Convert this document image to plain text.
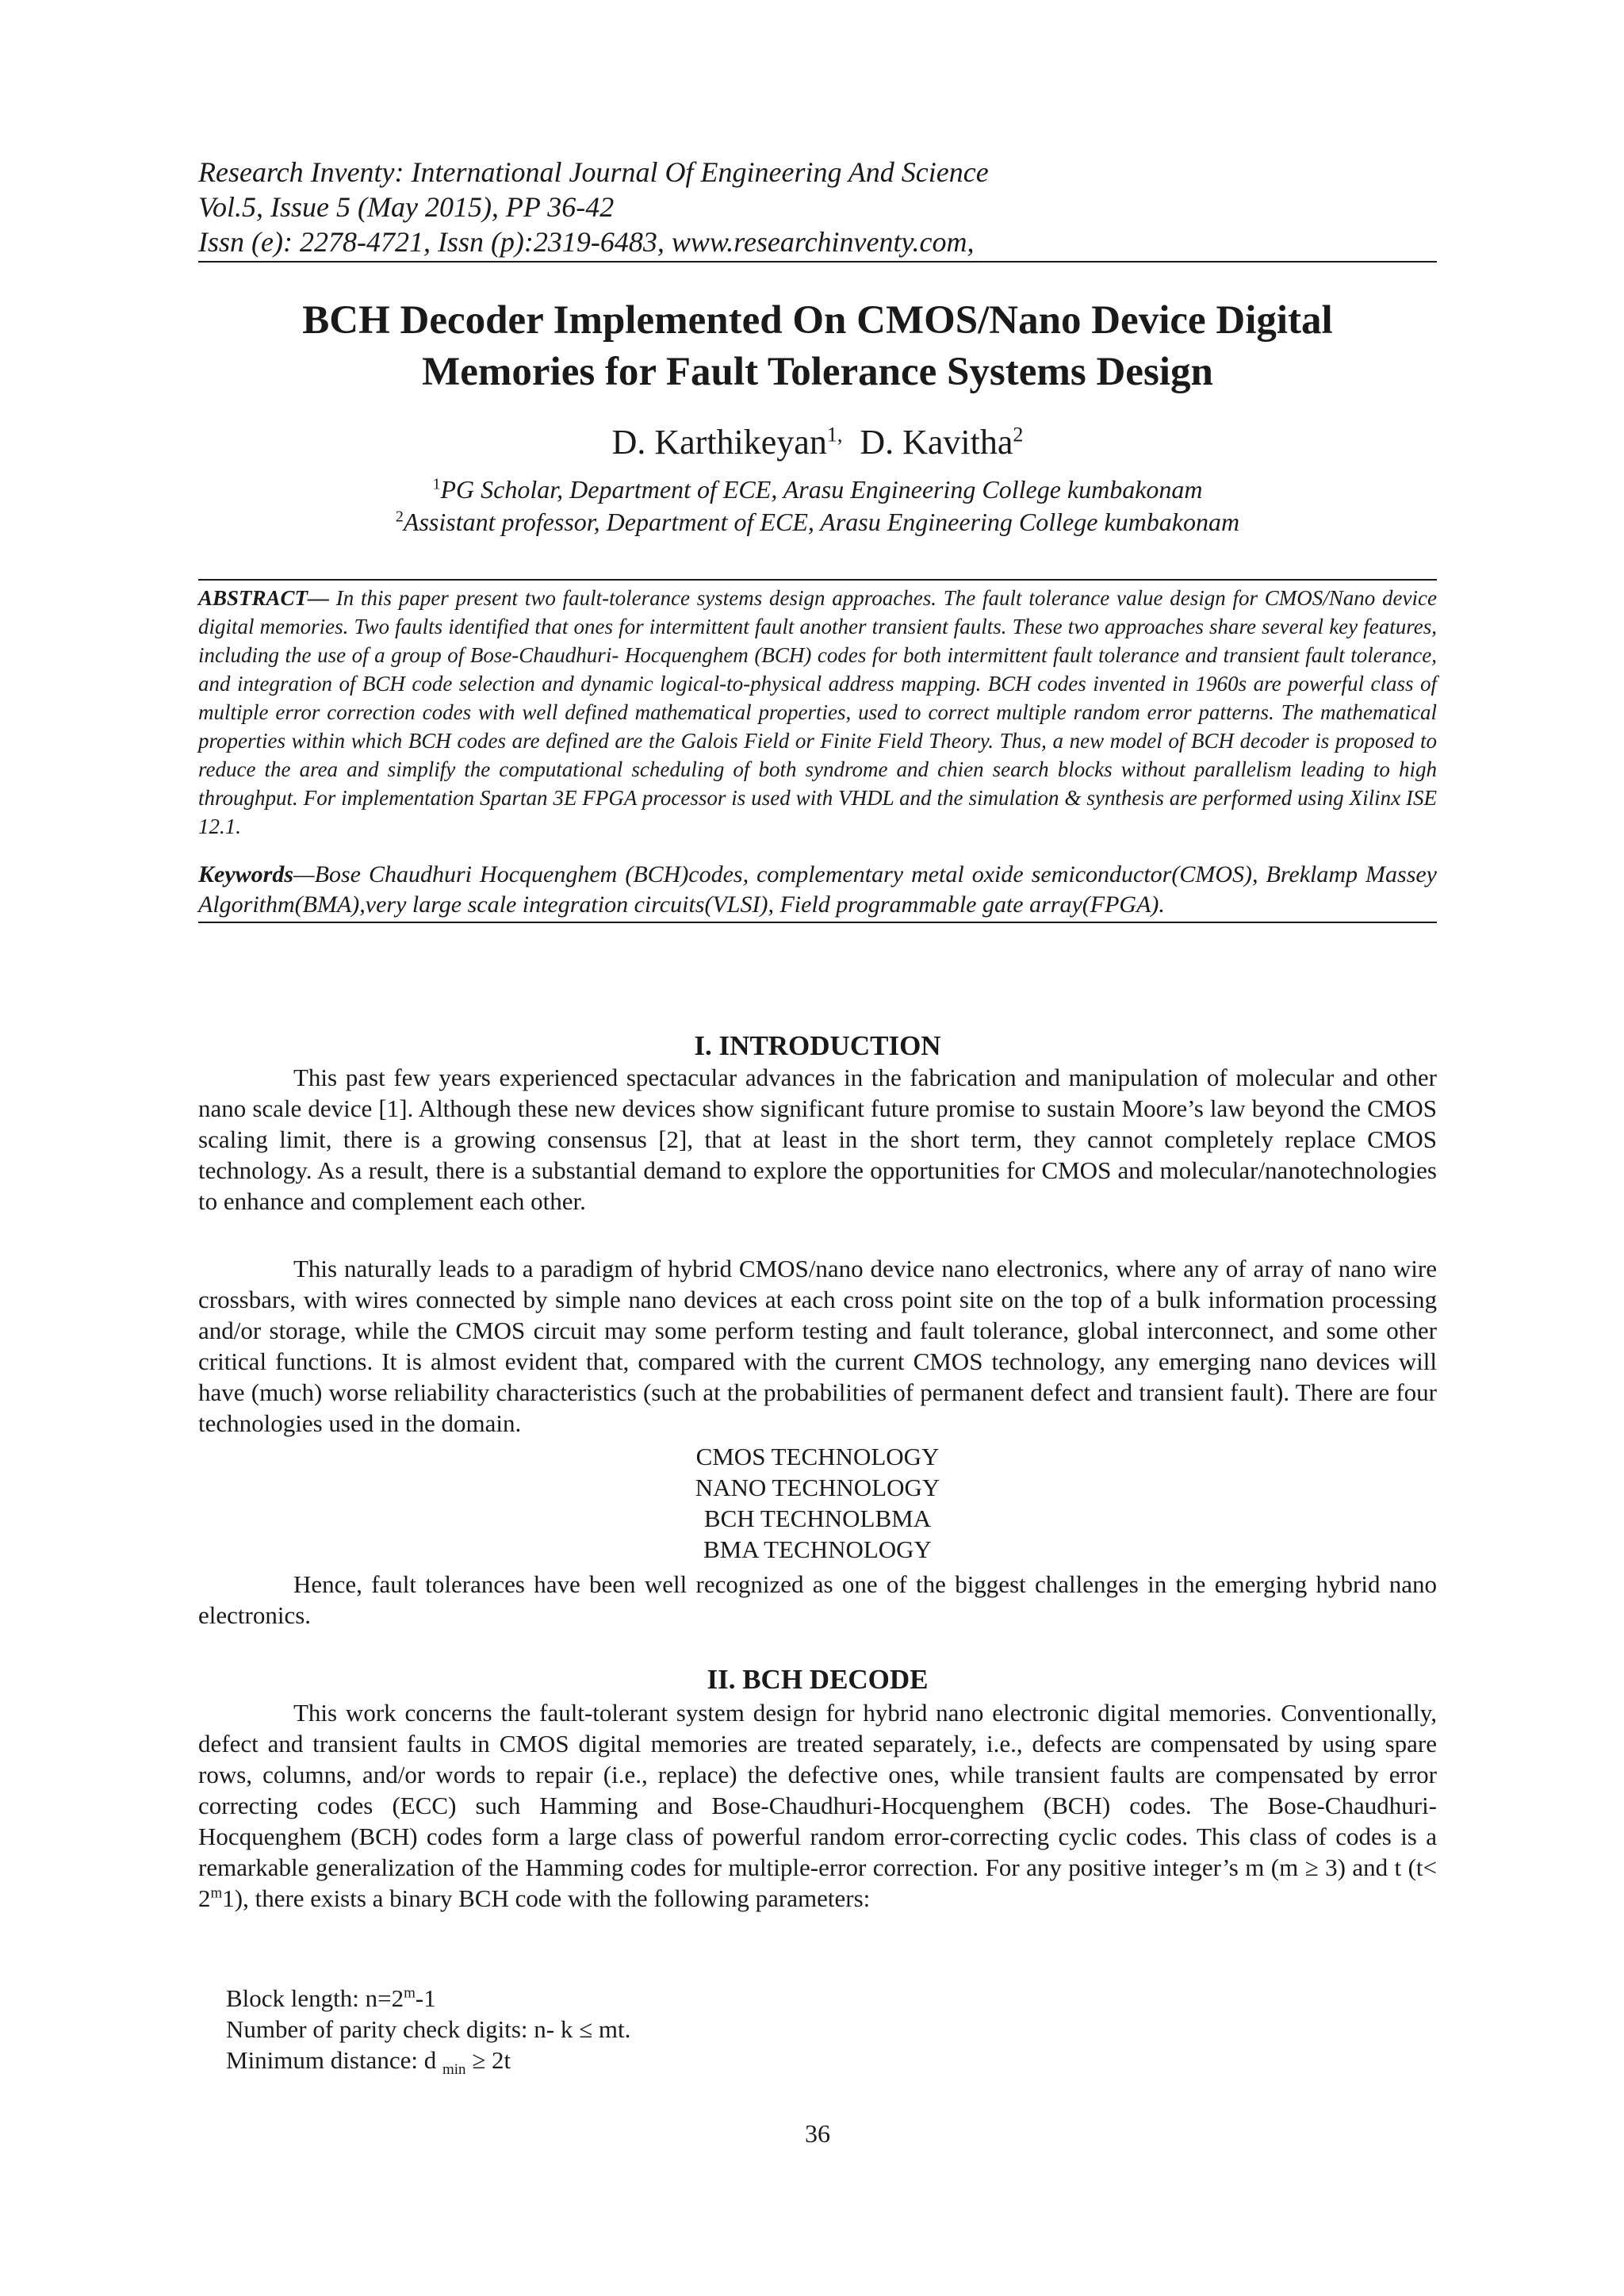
Research Inventy: International Journal Of Engineering And Science
Vol.5, Issue 5 (May 2015), PP 36-42
Issn (e): 2278-4721, Issn (p):2319-6483, www.researchinventy.com,
BCH Decoder Implemented On CMOS/Nano Device Digital
Memories for Fault Tolerance Systems Design
D. Karthikeyan$^{1,}$ D. Kavitha$^2$
$^1$PG Scholar, Department of ECE, Arasu Engineering College kumbakonam
$^2$Assistant professor, Department of ECE, Arasu Engineering College kumbakonam

ABSTRACT— In this paper present two fault-tolerance systems design approaches. The fault tolerance value design for CMOS/Nano device digital memories. Two faults identified that ones for intermittent fault another transient faults. These two approaches share several key features, including the use of a group of Bose-Chaudhuri- Hocquenghem (BCH) codes for both intermittent fault tolerance and transient fault tolerance, and integration of BCH code selection and dynamic logical-to-physical address mapping. BCH codes invented in 1960s are powerful class of multiple error correction codes with well defined mathematical properties, used to correct multiple random error patterns. The mathematical properties within which BCH codes are defined are the Galois Field or Finite Field Theory. Thus, a new model of BCH decoder is proposed to reduce the area and simplify the computational scheduling of both syndrome and chien search blocks without parallelism leading to high throughput. For implementation Spartan 3E FPGA processor is used with VHDL and the simulation & synthesis are performed using Xilinx ISE 12.1.

Keywords—Bose Chaudhuri Hocquenghem (BCH)codes, complementary metal oxide semiconductor(CMOS), Breklamp Massey Algorithm(BMA),very large scale integration circuits(VLSI), Field programmable gate array(FPGA).

I. INTRODUCTION

This past few years experienced spectacular advances in the fabrication and manipulation of molecular and other nano scale device [1]. Although these new devices show significant future promise to sustain Moore’s law beyond the CMOS scaling limit, there is a growing consensus [2], that at least in the short term, they cannot completely replace CMOS technology. As a result, there is a substantial demand to explore the opportunities for CMOS and molecular/nanotechnologies to enhance and complement each other.

This naturally leads to a paradigm of hybrid CMOS/nano device nano electronics, where any of array of nano wire crossbars, with wires connected by simple nano devices at each cross point site on the top of a bulk information processing and/or storage, while the CMOS circuit may some perform testing and fault tolerance, global interconnect, and some other critical functions. It is almost evident that, compared with the current CMOS technology, any emerging nano devices will have (much) worse reliability characteristics (such at the probabilities of permanent defect and transient fault). There are four technologies used in the domain.

CMOS TECHNOLOGY
NANO TECHNOLOGY
BCH TECHNOLBMA
BMA TECHNOLOGY

Hence, fault tolerances have been well recognized as one of the biggest challenges in the emerging hybrid nano electronics.

II. BCH DECODE

This work concerns the fault-tolerant system design for hybrid nano electronic digital memories. Conventionally, defect and transient faults in CMOS digital memories are treated separately, i.e., defects are compensated by using spare rows, columns, and/or words to repair (i.e., replace) the defective ones, while transient faults are compensated by error correcting codes (ECC) such Hamming and Bose-Chaudhuri-Hocquenghem (BCH) codes. The Bose-Chaudhuri- Hocquenghem (BCH) codes form a large class of powerful random error-correcting cyclic codes. This class of codes is a remarkable generalization of the Hamming codes for multiple-error correction. For any positive integer’s m (m ≥ 3) and t $(t< 2^m1)$, there exists a binary BCH code with the following parameters:

Block length: $n=2^m-1$
Number of parity check digits: n- k ≤ mt.
Minimum distance: d $_{min}$ ≥ 2t
36
